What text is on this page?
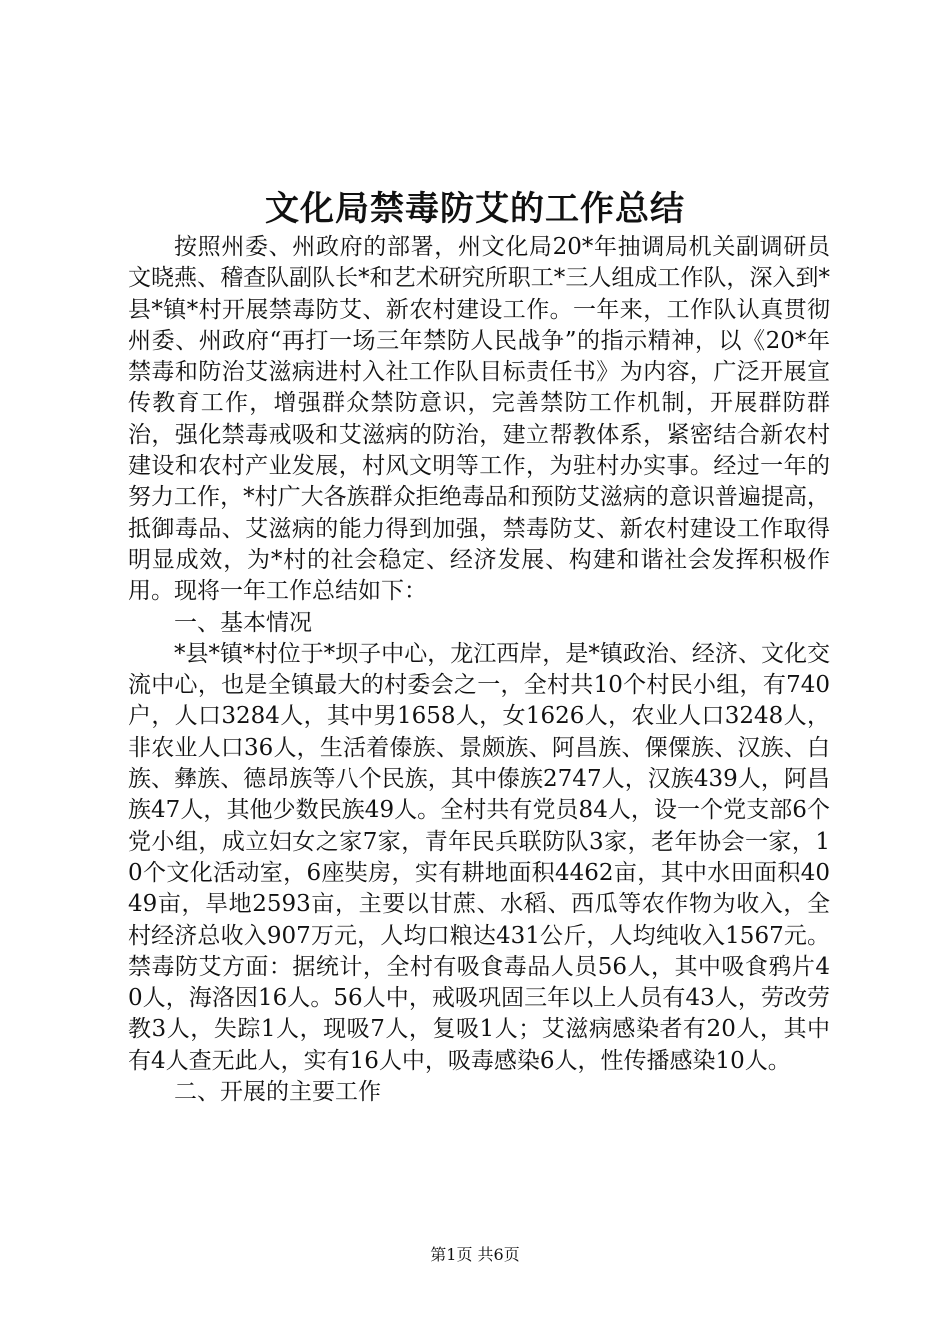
文化局禁毒防艾的工作总结

按照州委、州政府的部署，州文化局20*年抽调局机关副调研员文晓燕、稽查队副队长*和艺术研究所职工*三人组成工作队，深入到*县*镇*村开展禁毒防艾、新农村建设工作。一年来，工作队认真贯彻州委、州政府“再打一场三年禁防人民战争”的指示精神，以《20*年禁毒和防治艾滋病进村入社工作队目标责任书》为内容，广泛开展宣传教育工作，增强群众禁防意识，完善禁防工作机制，开展群防群治，强化禁毒戒吸和艾滋病的防治，建立帮教体系，紧密结合新农村建设和农村产业发展，村风文明等工作，为驻村办实事。经过一年的努力工作，*村广大各族群众拒绝毒品和预防艾滋病的意识普遍提高，抵御毒品、艾滋病的能力得到加强，禁毒防艾、新农村建设工作取得明显成效，为*村的社会稳定、经济发展、构建和谐社会发挥积极作用。现将一年工作总结如下：

一、基本情况

*县*镇*村位于*坝子中心，龙江西岸，是*镇政治、经济、文化交流中心，也是全镇最大的村委会之一，全村共10个村民小组，有740户，人口3284人，其中男1658人，女1626人，农业人口3248人，非农业人口36人，生活着傣族、景颇族、阿昌族、傈僳族、汉族、白族、彝族、德昂族等八个民族，其中傣族2747人，汉族439人，阿昌族47人，其他少数民族49人。全村共有党员84人，设一个党支部6个党小组，成立妇女之家7家，青年民兵联防队3家，老年协会一家，10个文化活动室，6座奘房，实有耕地面积4462亩，其中水田面积4049亩，旱地2593亩，主要以甘蔗、水稻、西瓜等农作物为收入，全村经济总收入907万元，人均口粮达431公斤，人均纯收入1567元。禁毒防艾方面：据统计，全村有吸食毒品人员56人，其中吸食鸦片40人，海洛因16人。56人中，戒吸巩固三年以上人员有43人，劳改劳教3人，失踪1人，现吸7人，复吸1人；艾滋病感染者有20人，其中有4人查无此人，实有16人中，吸毒感染6人，性传播感染10人。

二、开展的主要工作

第1页 共6页
